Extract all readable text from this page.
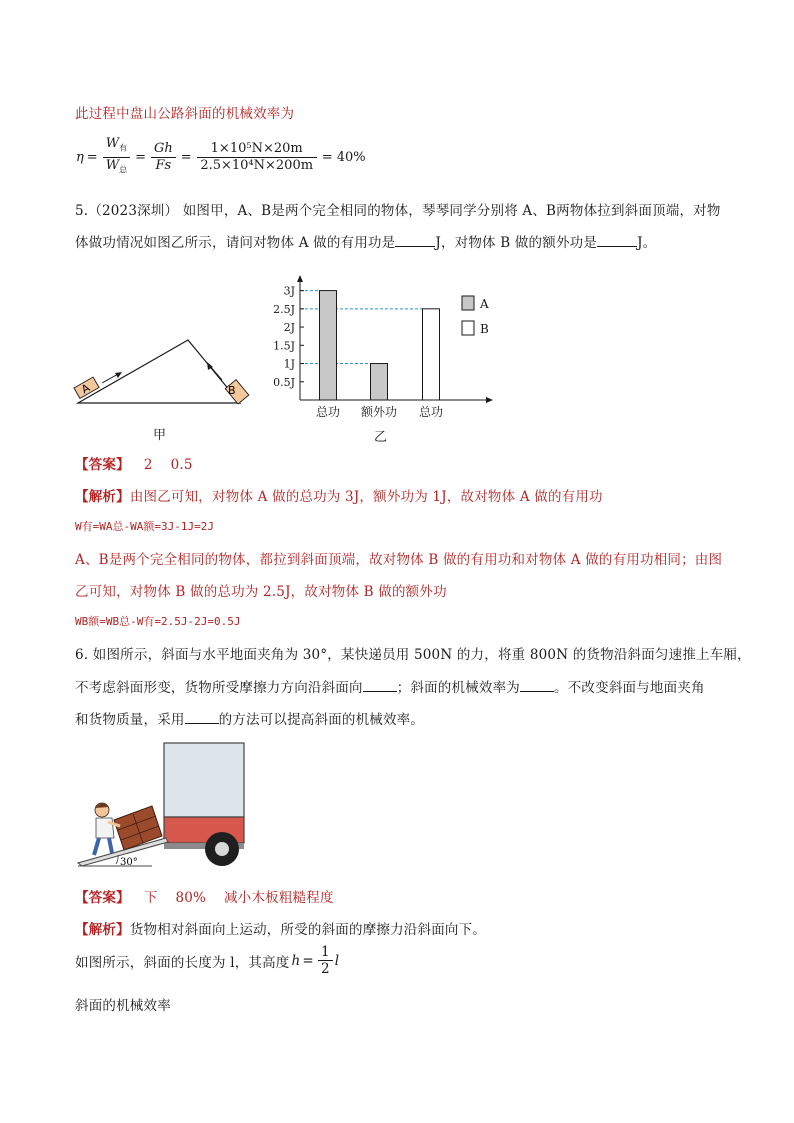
此过程中盘山公路斜面的机械效率为
$\eta = \frac{W_有}{W_总} = \frac{Gh}{Fs} = \frac{\text{1×10⁵N×20m}}{\text{2.5×10⁴N×200m}} = 40\%$
5.（2023深圳） 如图甲，A、B是两个完全相同的物体，琴琴同学分别将 A、B两物体拉到斜面顶端，对物
体做功情况如图乙所示，请问对物体 A 做的有用功是	J，对物体 B 做的额外功是	J。
A	B
甲
0.5J
1J
1.5J
2J
2.5J
3J
总功 额外功 总功
A
B
乙
【答案】 2    0.5
【解析】由图乙可知，对物体 A 做的总功为 3J，额外功为 1J，故对物体 A 做的有用功
W有=WA总-WA额=3J-1J=2J
A、B是两个完全相同的物体，都拉到斜面顶端，故对物体 B 做的有用功和对物体 A 做的有用功相同；由图
乙可知，对物体 B 做的总功为 2.5J，故对物体 B 做的额外功
WB额=WB总-W有=2.5J-2J=0.5J
6. 如图所示，斜面与水平地面夹角为 30°，某快递员用 500N 的力，将重 800N 的货物沿斜面匀速推上车厢，
不考虑斜面形变，货物所受摩擦力方向沿斜面向	；斜面的机械效率为	。不改变斜面与地面夹角
和货物质量，采用	的方法可以提高斜面的机械效率。
30°
【答案】 下    80%    减小木板粗糙程度
【解析】货物相对斜面向上运动，所受的斜面的摩擦力沿斜面向下。
如图所示，斜面的长度为 l，其高度 $h = \frac{1}{2}$ l
斜面的机械效率
